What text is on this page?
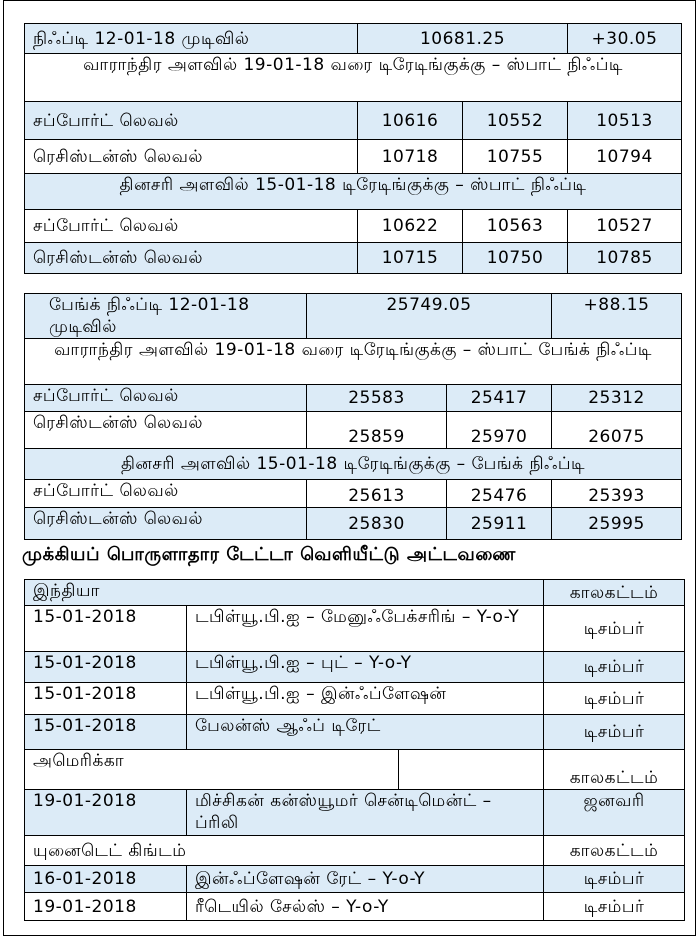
நிஃப்டி 12-01-18 முடிவில்	10681.25		+30.05
வாராந்திர அளவில் 19-01-18 வரை டிரேடிங்குக்கு – ஸ்பாட் நிஃப்டி			
சப்போர்ட் லெவல்	10616	10552	10513
ரெசிஸ்டன்ஸ் லெவல்	10718	10755	10794
தினசரி அளவில் 15-01-18 டிரேடிங்குக்கு – ஸ்பாட் நிஃப்டி			
சப்போர்ட் லெவல்	10622	10563	10527
ரெசிஸ்டன்ஸ் லெவல்	10715	10750	10785
பேங்க் நிஃப்டி 12-01-18 முடிவில்	25749.05		+88.15
வாராந்திர அளவில் 19-01-18 வரை டிரேடிங்குக்கு – ஸ்பாட் பேங்க் நிஃப்டி			
சப்போர்ட் லெவல்	25583	25417	25312
ரெசிஸ்டன்ஸ் லெவல்	25859	25970	26075
தினசரி அளவில் 15-01-18 டிரேடிங்குக்கு – பேங்க் நிஃப்டி			
சப்போர்ட் லெவல்	25613	25476	25393
ரெசிஸ்டன்ஸ் லெவல்	25830	25911	25995
முக்கியப் பொருளாதார டேட்டா வெளியீட்டு அட்டவணை
இந்தியா			காலகட்டம்
15-01-2018	டபிள்யூ.பி.ஐ – மேனுஃபேக்சரிங் – Y-o-Y		டிசம்பர்
15-01-2018	டபிள்யூ.பி.ஐ – புட் – Y-o-Y		டிசம்பர்
15-01-2018	டபிள்யூ.பி.ஐ – இன்ஃப்ளேஷன்		டிசம்பர்
15-01-2018	பேலன்ஸ் ஆஃப் டிரேட்		டிசம்பர்
அமெரிக்கா			காலகட்டம்
19-01-2018	மிச்சிகன் கன்ஸ்யூமர் சென்டிமென்ட் – ப்ரிலி		ஜனவரி
யுனைடெட் கிங்டம்			காலகட்டம்
16-01-2018	இன்ஃப்ளேஷன் ரேட் – Y-o-Y		டிசம்பர்
19-01-2018	ரீடெயில் சேல்ஸ் – Y-o-Y		டிசம்பர்
